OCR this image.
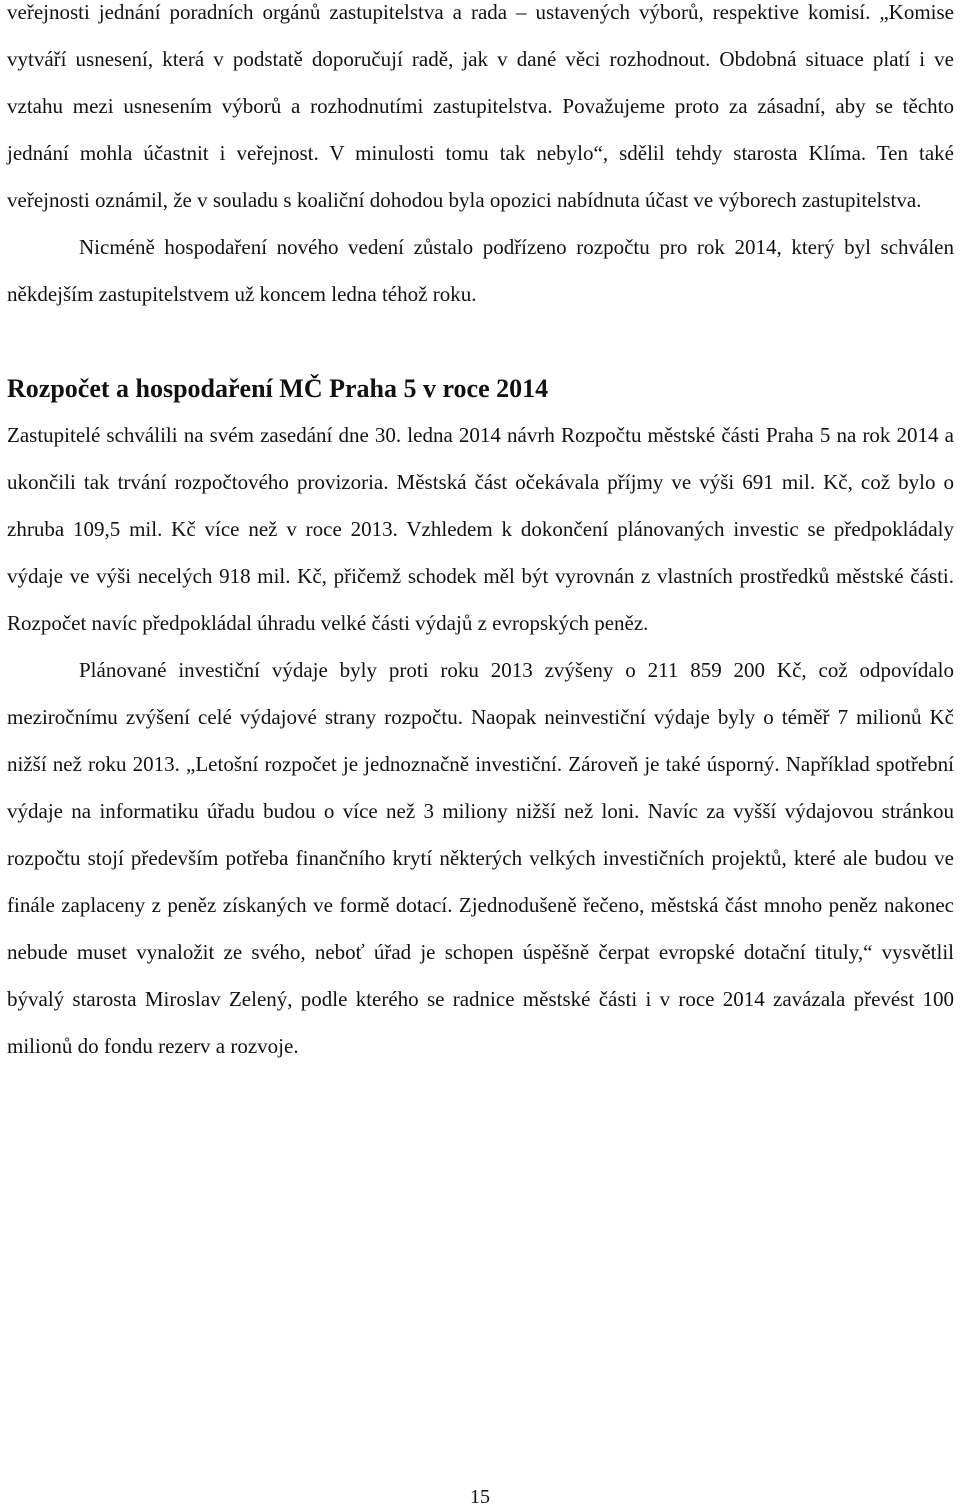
veřejnosti jednání poradních orgánů zastupitelstva a rada – ustavených výborů, respektive komisí. „Komise vytváří usnesení, která v podstatě doporučují radě, jak v dané věci rozhodnout. Obdobná situace platí i ve vztahu mezi usnesením výborů a rozhodnutími zastupitelstva. Považujeme proto za zásadní, aby se těchto jednání mohla účastnit i veřejnost. V minulosti tomu tak nebylo“, sdělil tehdy starosta Klíma. Ten také veřejnosti oznámil, že v souladu s koaliční dohodou byla opozici nabídnuta účast ve výborech zastupitelstva.

Nicméně hospodaření nového vedení zůstalo podřízeno rozpočtu pro rok 2014, který byl schválen někdejším zastupitelstvem už koncem ledna téhož roku.

Rozpočet a hospodaření MČ Praha 5 v roce 2014

Zastupitelé schválili na svém zasedání dne 30. ledna 2014 návrh Rozpočtu městské části Praha 5 na rok 2014 a ukončili tak trvání rozpočtového provizoria. Městská část očekávala příjmy ve výši 691 mil. Kč, což bylo o zhruba 109,5 mil. Kč více než v roce 2013. Vzhledem k dokončení plánovaných investic se předpokládaly výdaje ve výši necelých 918 mil. Kč, přičemž schodek měl být vyrovnán z vlastních prostředků městské části. Rozpočet navíc předpokládal úhradu velké části výdajů z evropských peněz.

Plánované investiční výdaje byly proti roku 2013 zvýšeny o 211 859 200 Kč, což odpovídalo meziročnímu zvýšení celé výdajové strany rozpočtu. Naopak neinvestiční výdaje byly o téměř 7 milionů Kč nižší než roku 2013. „Letošní rozpočet je jednoznačně investiční. Zároveň je také úsporný. Například spotřební výdaje na informatiku úřadu budou o více než 3 miliony nižší než loni. Navíc za vyšší výdajovou stránkou rozpočtu stojí především potřeba finančního krytí některých velkých investičních projektů, které ale budou ve finále zaplaceny z peněz získaných ve formě dotací. Zjednodušeně řečeno, městská část mnoho peněz nakonec nebude muset vynaložit ze svého, neboť úřad je schopen úspěšně čerpat evropské dotační tituly,“ vysvětlil bývalý starosta Miroslav Zelený, podle kterého se radnice městské části i v roce 2014 zavázala převést 100 milionů do fondu rezerv a rozvoje.

15
